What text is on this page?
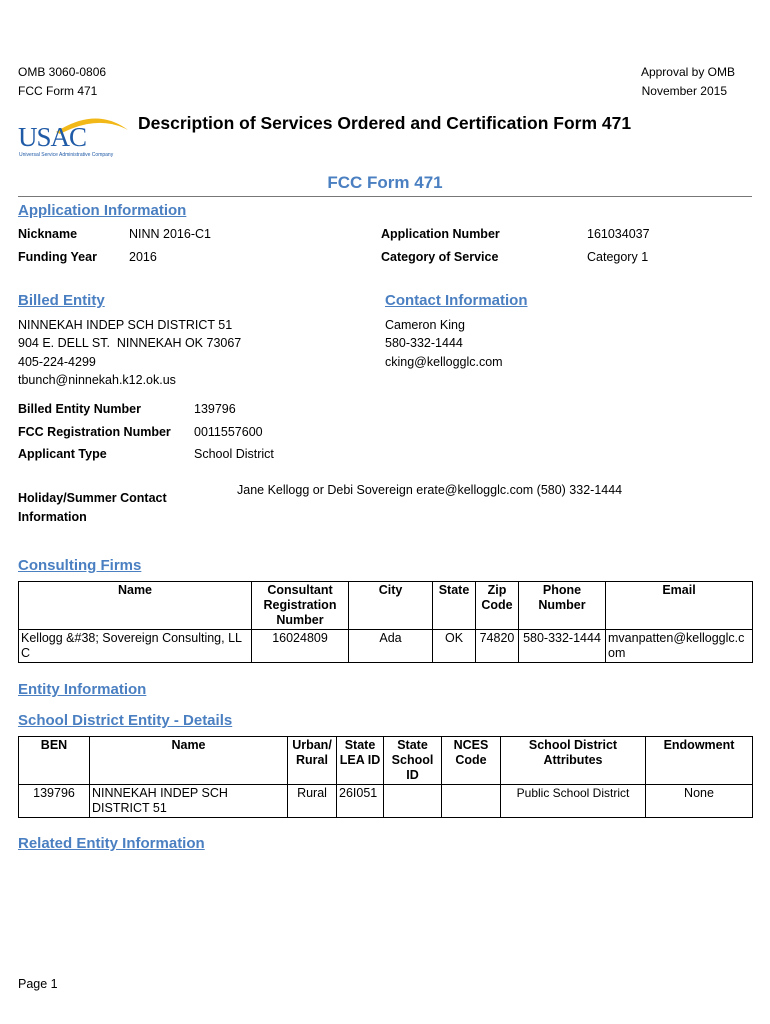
OMB 3060-0806
FCC Form 471
Approval by OMB
November 2015
USAC
Universal Service Administrative Company
Description of Services Ordered and Certification Form 471
FCC Form 471
Application Information
Nickname	NINN 2016-C1
Funding Year	2016
Application Number	161034037
Category of Service	Category 1
Billed Entity
NINNEKAH INDEP SCH DISTRICT 51
904 E. DELL ST.  NINNEKAH OK 73067
405-224-4299
tbunch@ninnekah.k12.ok.us
Contact Information
Cameron King
580-332-1444
cking@kellogglc.com
Billed Entity Number	139796
FCC Registration Number 0011557600
Applicant Type	School District
Holiday/Summer Contact
Information
Jane Kellogg or Debi Sovereign erate@kellogglc.com (580) 332-1444
Consulting Firms
Name	Consultant Registration Number	City	State	Zip Code	Phone Number	Email
Kellogg &#38; Sovereign Consulting, LLC	16024809	Ada	OK	74820	580-332-1444	mvanpatten@kellogglc.com
Entity Information
School District Entity - Details
BEN	Name	Urban/ Rural	State LEA ID	State School ID	NCES Code	School District Attributes	Endowment
139796	NINNEKAH INDEP SCH DISTRICT 51	Rural	26I051			Public School District	None
Related Entity Information
Page 1
